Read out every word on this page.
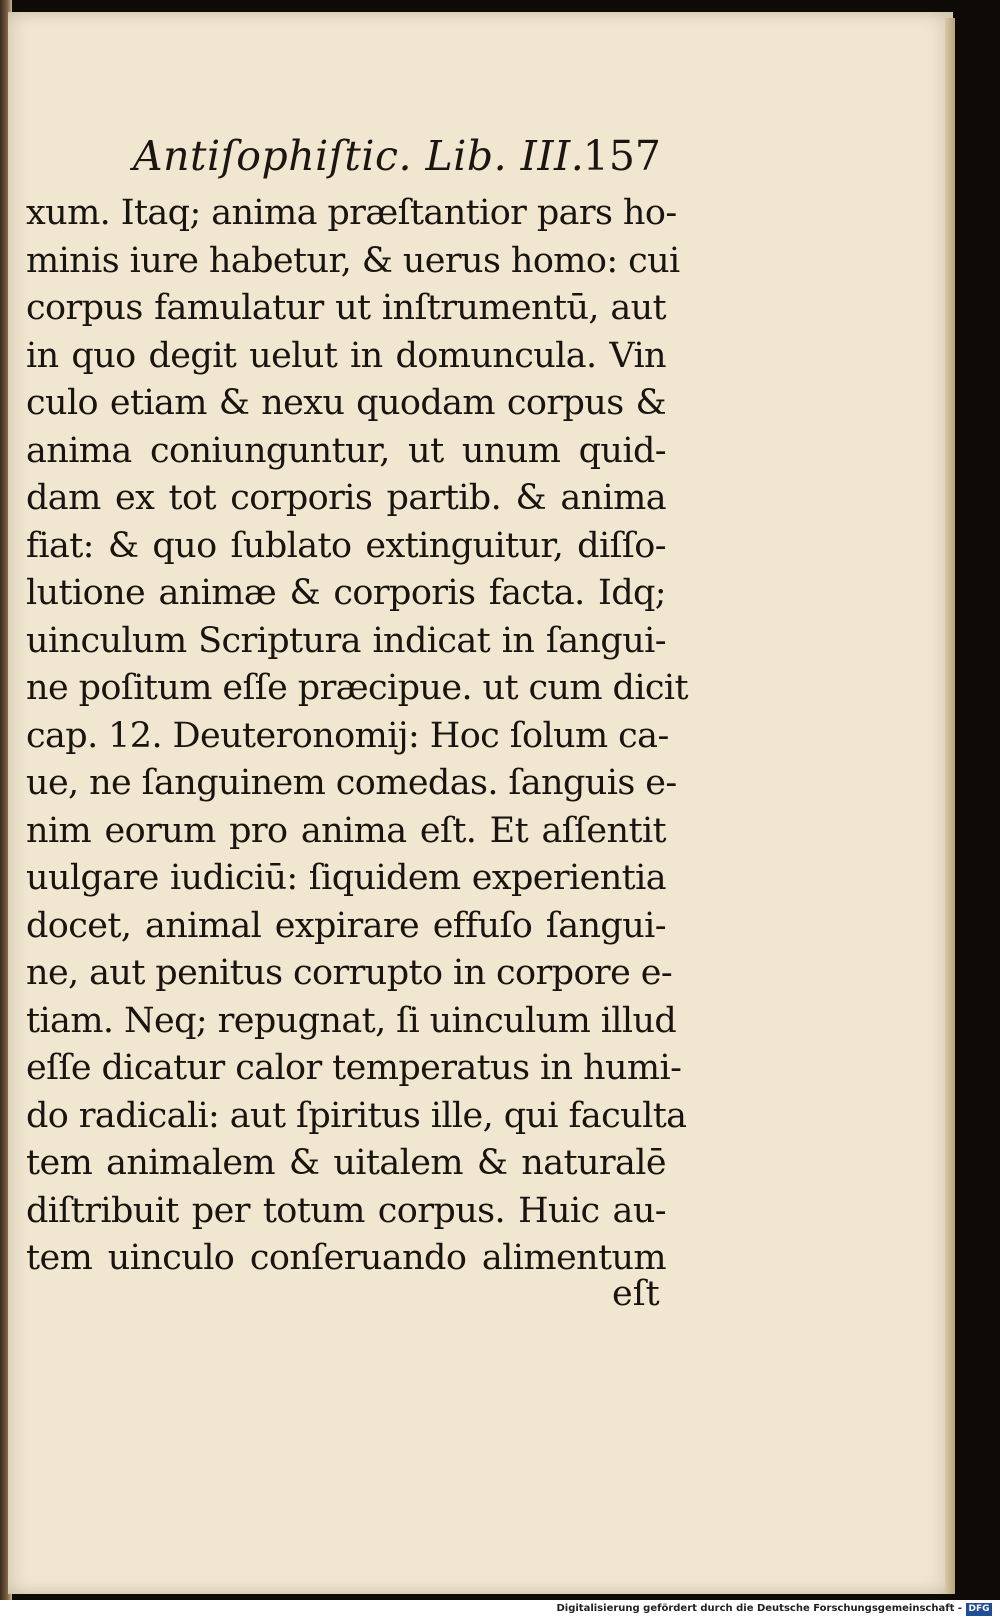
Antiſophiſtic. Lib. III.
157
xum. Itaq; anima præſtantior pars ho-
minis iure habetur, & uerus homo: cui
corpus famulatur ut inſtrumentū, aut
in quo degit uelut in domuncula. Vin
culo etiam & nexu quodam corpus &
anima coniunguntur, ut unum quid-
dam ex tot corporis partib. & anima
fiat: & quo ſublato extinguitur, diſſo-
lutione animæ & corporis facta. Idq;
uinculum Scriptura indicat in ſangui-
ne poſitum eſſe præcipue. ut cum dicit
cap. 12. Deuteronomij: Hoc ſolum ca-
ue, ne ſanguinem comedas. ſanguis e-
nim eorum pro anima eſt. Et aſſentit
uulgare iudiciū: ſiquidem experientia
docet, animal expirare effuſo ſangui-
ne, aut penitus corrupto in corpore e-
tiam. Neq; repugnat, ſi uinculum illud
eſſe dicatur calor temperatus in humi-
do radicali: aut ſpiritus ille, qui faculta
tem animalem & uitalem & naturalē
diſtribuit per totum corpus. Huic au-
tem uinculo conſeruando alimentum
eſt
Digitalisierung gefördert durch die Deutsche Forschungsgemeinschaft - DFG
